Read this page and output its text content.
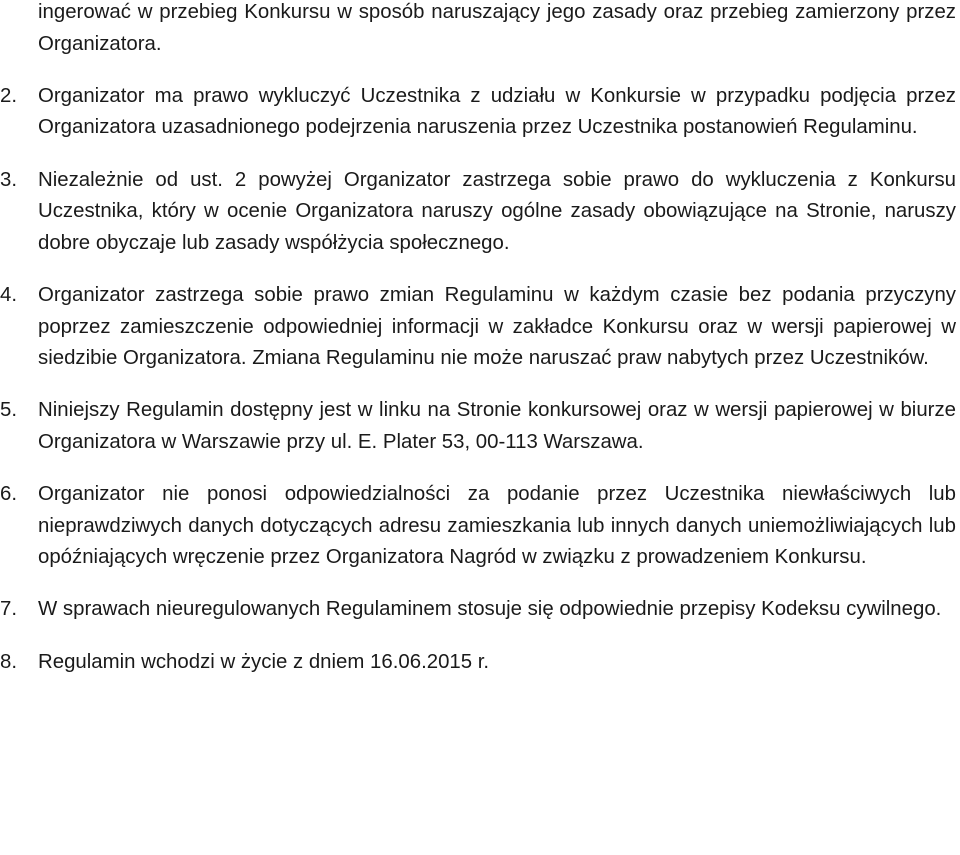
ingerować w przebieg Konkursu w sposób naruszający jego zasady oraz przebieg zamierzony przez Organizatora.

2.	Organizator ma prawo wykluczyć Uczestnika z udziału w Konkursie w przypadku podjęcia przez Organizatora uzasadnionego podejrzenia naruszenia przez Uczestnika postanowień Regulaminu.

3.	Niezależnie od ust. 2 powyżej Organizator zastrzega sobie prawo do wykluczenia z Konkursu Uczestnika, który w ocenie Organizatora naruszy ogólne zasady obowiązujące na Stronie, naruszy dobre obyczaje lub zasady współżycia społecznego.

4.	Organizator zastrzega sobie prawo zmian Regulaminu w każdym czasie bez podania przyczyny poprzez zamieszczenie odpowiedniej informacji w zakładce Konkursu oraz w wersji papierowej w siedzibie Organizatora. Zmiana Regulaminu nie może naruszać praw nabytych przez Uczestników.

5.	Niniejszy Regulamin dostępny jest w linku na Stronie konkursowej oraz w wersji papierowej w biurze Organizatora w Warszawie przy ul. E. Plater 53, 00-113 Warszawa.

6.	Organizator nie ponosi odpowiedzialności za podanie przez Uczestnika niewłaściwych lub nieprawdziwych danych dotyczących adresu zamieszkania lub innych danych uniemożliwiających lub opóźniających wręczenie przez Organizatora Nagród w związku z prowadzeniem Konkursu.

7.	W sprawach nieuregulowanych Regulaminem stosuje się odpowiednie przepisy Kodeksu cywilnego.

8.	Regulamin wchodzi w życie z dniem 16.06.2015 r.
